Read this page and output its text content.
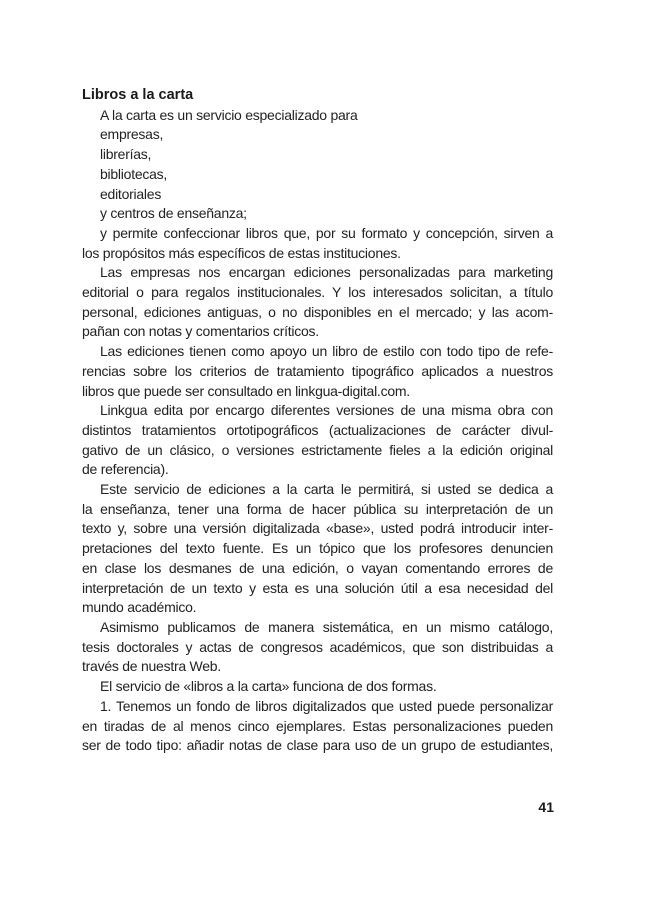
Libros a la carta
A la carta es un servicio especializado para
empresas,
librerías,
bibliotecas,
editoriales
y centros de enseñanza;
y permite confeccionar libros que, por su formato y concepción, sirven a
los propósitos más específicos de estas instituciones.
Las empresas nos encargan ediciones personalizadas para marketing
editorial o para regalos institucionales. Y los interesados solicitan, a título
personal, ediciones antiguas, o no disponibles en el mercado; y las acom-
pañan con notas y comentarios críticos.
Las ediciones tienen como apoyo un libro de estilo con todo tipo de refe-
rencias sobre los criterios de tratamiento tipográfico aplicados a nuestros
libros que puede ser consultado en linkgua-digital.com.
Linkgua edita por encargo diferentes versiones de una misma obra con
distintos tratamientos ortotipográficos (actualizaciones de carácter divul-
gativo de un clásico, o versiones estrictamente fieles a la edición original
de referencia).
Este servicio de ediciones a la carta le permitirá, si usted se dedica a
la enseñanza, tener una forma de hacer pública su interpretación de un
texto y, sobre una versión digitalizada «base», usted podrá introducir inter-
pretaciones del texto fuente. Es un tópico que los profesores denuncien
en clase los desmanes de una edición, o vayan comentando errores de
interpretación de un texto y esta es una solución útil a esa necesidad del
mundo académico.
Asimismo publicamos de manera sistemática, en un mismo catálogo,
tesis doctorales y actas de congresos académicos, que son distribuidas a
través de nuestra Web.
El servicio de «libros a la carta» funciona de dos formas.
1. Tenemos un fondo de libros digitalizados que usted puede personalizar
en tiradas de al menos cinco ejemplares. Estas personalizaciones pueden
ser de todo tipo: añadir notas de clase para uso de un grupo de estudiantes,
41
